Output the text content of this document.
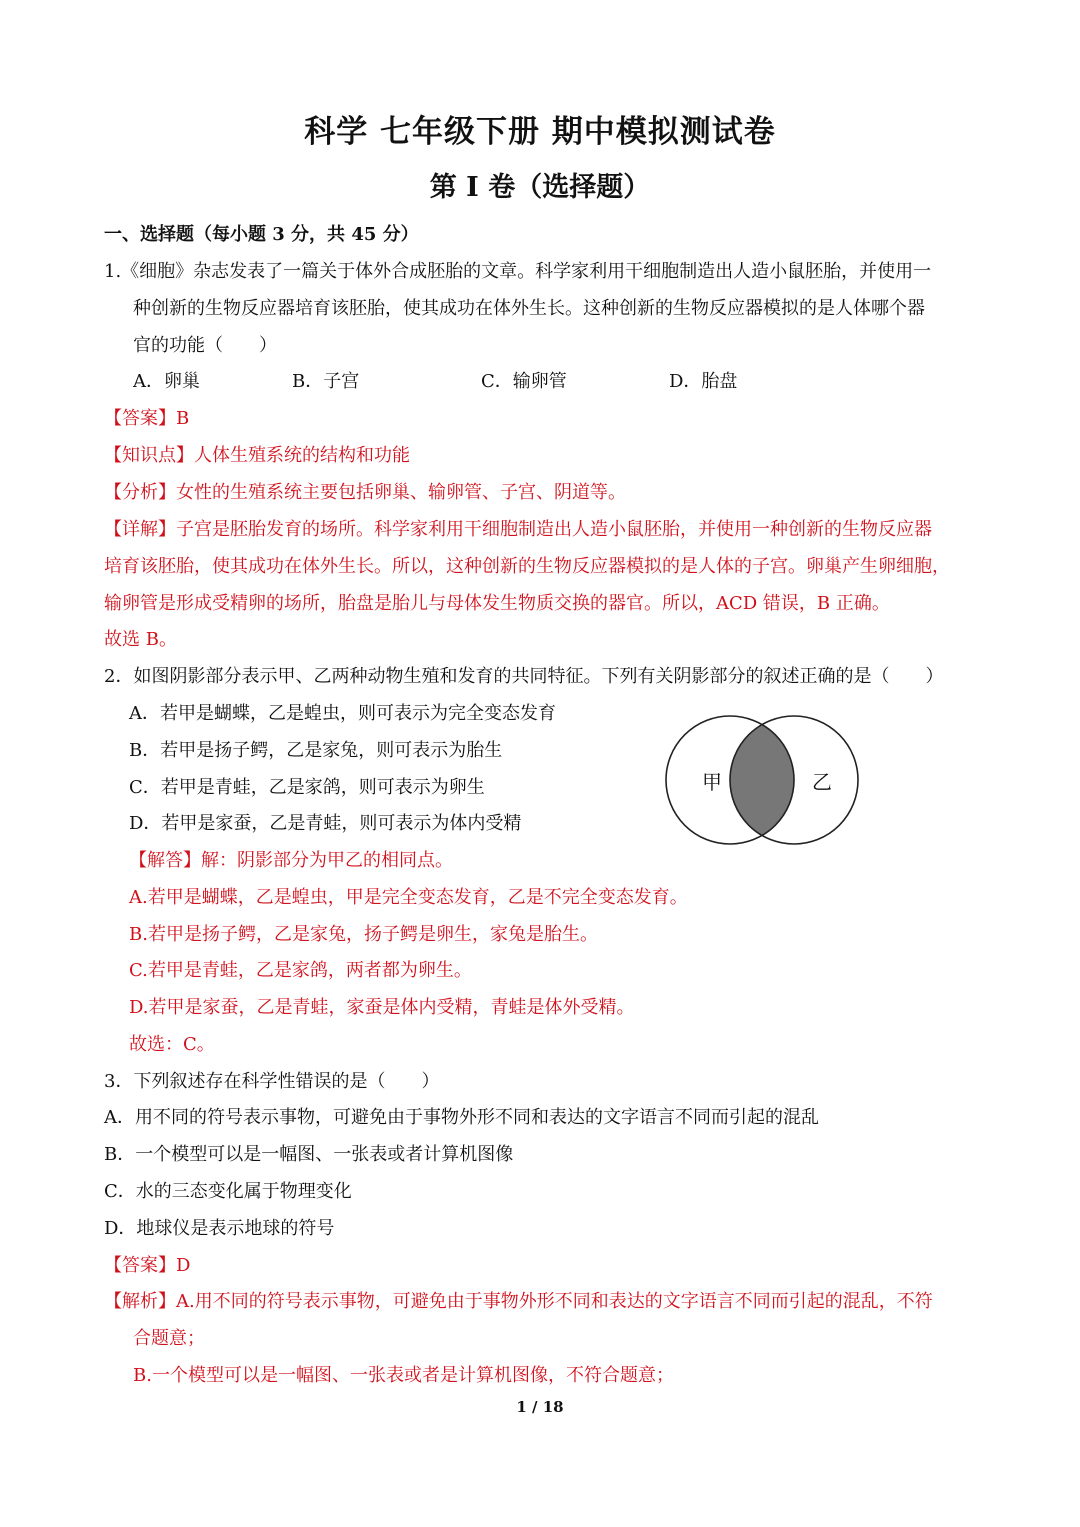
科学 七年级下册 期中模拟测试卷
第 I 卷（选择题）
一、选择题（每小题 3 分，共 45 分）
1.《细胞》杂志发表了一篇关于体外合成胚胎的文章。科学家利用干细胞制造出人造小鼠胚胎，并使用一
种创新的生物反应器培育该胚胎，使其成功在体外生长。这种创新的生物反应器模拟的是人体哪个器
官的功能（　　）
A．卵巢	B．子宫	C．输卵管	D．胎盘
【答案】B
【知识点】人体生殖系统的结构和功能
【分析】女性的生殖系统主要包括卵巢、输卵管、子宫、阴道等。
【详解】子宫是胚胎发育的场所。科学家利用干细胞制造出人造小鼠胚胎，并使用一种创新的生物反应器
培育该胚胎，使其成功在体外生长。所以，这种创新的生物反应器模拟的是人体的子宫。卵巢产生卵细胞，
输卵管是形成受精卵的场所，胎盘是胎儿与母体发生物质交换的器官。所以，ACD 错误，B 正确。
故选 B。
2．如图阴影部分表示甲、乙两种动物生殖和发育的共同特征。下列有关阴影部分的叙述正确的是（　　）
A．若甲是蝴蝶，乙是蝗虫，则可表示为完全变态发育
B．若甲是扬子鳄，乙是家兔，则可表示为胎生
C．若甲是青蛙，乙是家鸽，则可表示为卵生
D．若甲是家蚕，乙是青蛙，则可表示为体内受精
甲	乙
【解答】解：阴影部分为甲乙的相同点。
A.若甲是蝴蝶，乙是蝗虫，甲是完全变态发育，乙是不完全变态发育。
B.若甲是扬子鳄，乙是家兔，扬子鳄是卵生，家兔是胎生。
C.若甲是青蛙，乙是家鸽，两者都为卵生。
D.若甲是家蚕，乙是青蛙，家蚕是体内受精，青蛙是体外受精。
故选：C。
3．下列叙述存在科学性错误的是（　　）
A．用不同的符号表示事物，可避免由于事物外形不同和表达的文字语言不同而引起的混乱
B．一个模型可以是一幅图、一张表或者计算机图像
C．水的三态变化属于物理变化
D．地球仪是表示地球的符号
【答案】D
【解析】A.用不同的符号表示事物，可避免由于事物外形不同和表达的文字语言不同而引起的混乱，不符
合题意；
B.一个模型可以是一幅图、一张表或者是计算机图像，不符合题意；
1 / 18
